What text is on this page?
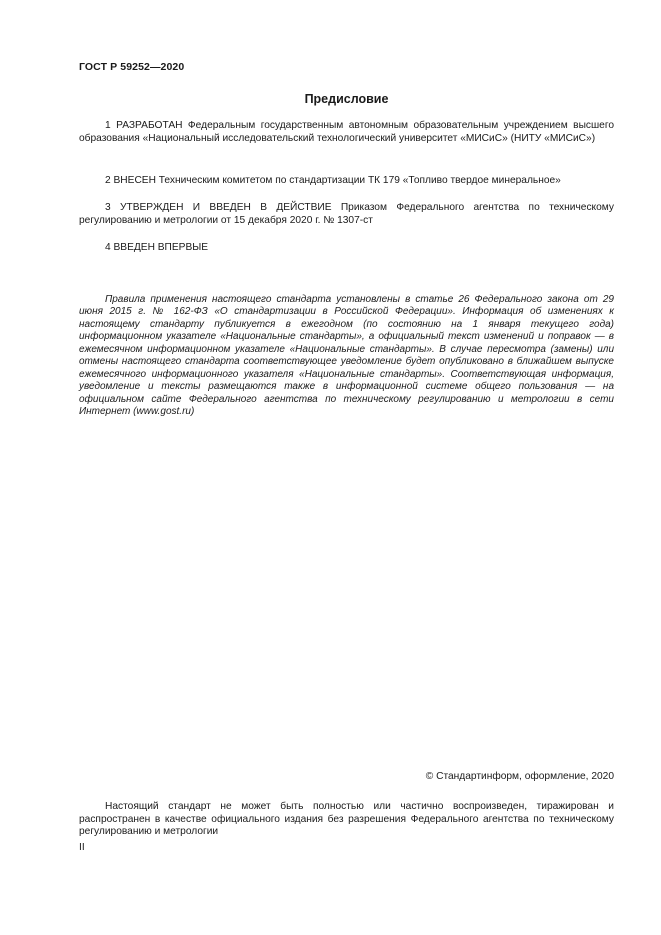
ГОСТ Р 59252—2020
Предисловие

1 РАЗРАБОТАН Федеральным государственным автономным образовательным учреждением высшего образования «Национальный исследовательский технологический университет «МИСиС» (НИТУ «МИСиС»)

2 ВНЕСЕН Техническим комитетом по стандартизации ТК 179 «Топливо твердое минеральное»

3 УТВЕРЖДЕН И ВВЕДЕН В ДЕЙСТВИЕ Приказом Федерального агентства по техническому регулированию и метрологии от 15 декабря 2020 г. № 1307-ст

4 ВВЕДЕН ВПЕРВЫЕ

Правила применения настоящего стандарта установлены в статье 26 Федерального закона от 29 июня 2015 г. № 162-ФЗ «О стандартизации в Российской Федерации». Информация об изменениях к настоящему стандарту публикуется в ежегодном (по состоянию на 1 января текущего года) информационном указателе «Национальные стандарты», а официальный текст изменений и поправок — в ежемесячном информационном указателе «Национальные стандарты». В случае пересмотра (замены) или отмены настоящего стандарта соответствующее уведомление будет опубликовано в ближайшем выпуске ежемесячного информационного указателя «Национальные стандарты». Соответствующая информация, уведомление и тексты размещаются также в информационной системе общего пользования — на официальном сайте Федерального агентства по техническому регулированию и метрологии в сети Интернет (www.gost.ru)

© Стандартинформ, оформление, 2020

Настоящий стандарт не может быть полностью или частично воспроизведен, тиражирован и распространен в качестве официального издания без разрешения Федерального агентства по техническому регулированию и метрологии

II
